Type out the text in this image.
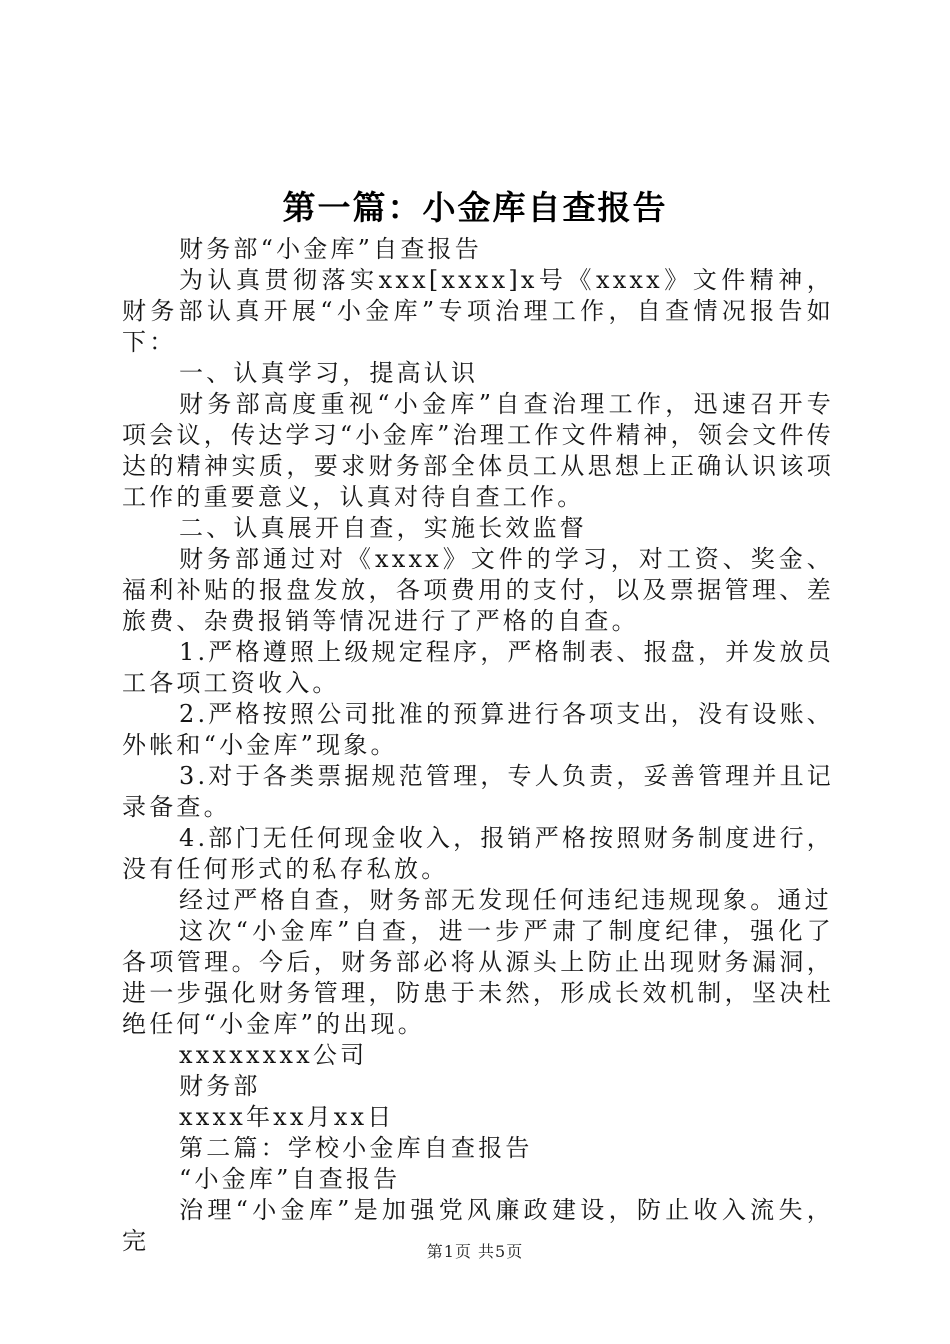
第一篇：小金库自查报告

财务部“小金库”自查报告

为认真贯彻落实xxx[xxxx]x号《xxxx》文件精神，财务部认真开展“小金库”专项治理工作，自查情况报告如下：

一、认真学习，提高认识

财务部高度重视“小金库”自查治理工作，迅速召开专项会议，传达学习“小金库”治理工作文件精神，领会文件传达的精神实质，要求财务部全体员工从思想上正确认识该项工作的重要意义，认真对待自查工作。

二、认真展开自查，实施长效监督

财务部通过对《xxxx》文件的学习，对工资、奖金、福利补贴的报盘发放，各项费用的支付，以及票据管理、差旅费、杂费报销等情况进行了严格的自查。

1.严格遵照上级规定程序，严格制表、报盘，并发放员工各项工资收入。

2.严格按照公司批准的预算进行各项支出，没有设账、外帐和“小金库”现象。

3.对于各类票据规范管理，专人负责，妥善管理并且记录备查。

4.部门无任何现金收入，报销严格按照财务制度进行，没有任何形式的私存私放。

经过严格自查，财务部无发现任何违纪违规现象。通过

这次“小金库”自查，进一步严肃了制度纪律，强化了各项管理。今后，财务部必将从源头上防止出现财务漏洞，进一步强化财务管理，防患于未然，形成长效机制，坚决杜绝任何“小金库”的出现。

xxxxxxxx公司

财务部

xxxx年xx月xx日

第二篇：学校小金库自查报告

“小金库”自查报告

治理“小金库”是加强党风廉政建设，防止收入流失，完	第1页 共5页
